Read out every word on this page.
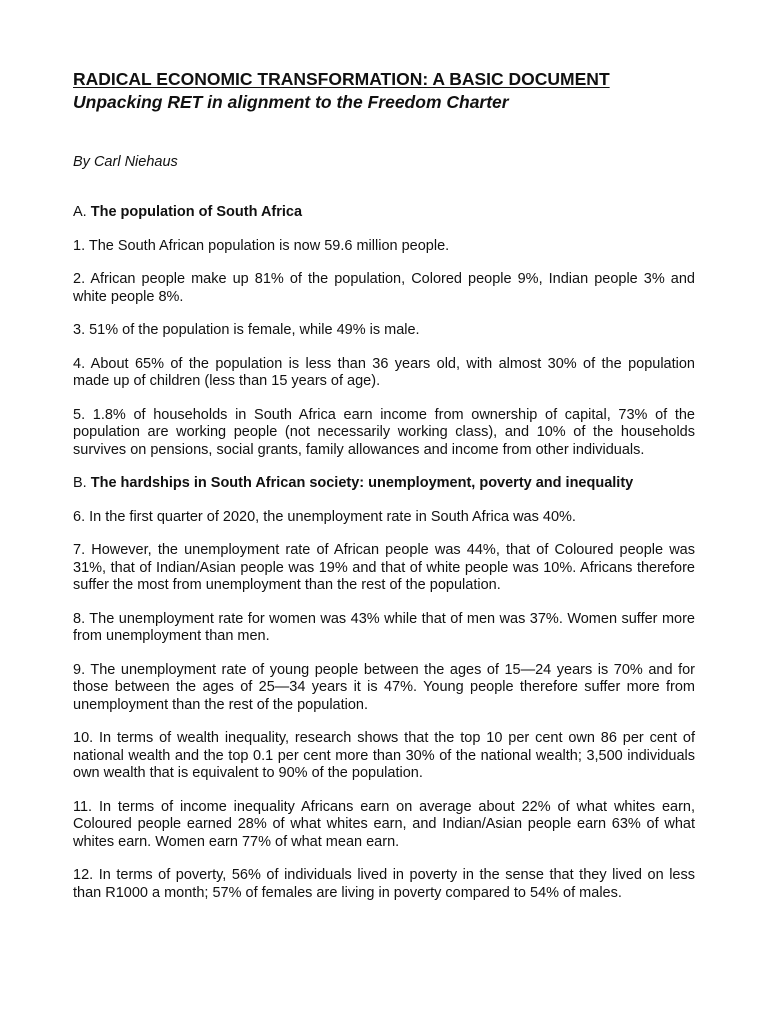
RADICAL ECONOMIC TRANSFORMATION: A BASIC DOCUMENT
Unpacking RET in alignment to the Freedom Charter

By Carl Niehaus

A. The population of South Africa

1. The South African population is now 59.6 million people.

2. African people make up 81% of the population, Colored people 9%, Indian people 3% and white people 8%.

3. 51% of the population is female, while 49% is male.

4. About 65% of the population is less than 36 years old, with almost 30% of the population made up of children (less than 15 years of age).

5. 1.8% of households in South Africa earn income from ownership of capital, 73% of the population are working people (not necessarily working class), and 10% of the households survives on pensions, social grants, family allowances and income from other individuals.

B. The hardships in South African society: unemployment, poverty and inequality

6. In the first quarter of 2020, the unemployment rate in South Africa was 40%.

7. However, the unemployment rate of African people was 44%, that of Coloured people was 31%, that of Indian/Asian people was 19% and that of white people was 10%. Africans therefore suffer the most from unemployment than the rest of the population.

8. The unemployment rate for women was 43% while that of men was 37%. Women suffer more from unemployment than men.

9. The unemployment rate of young people between the ages of 15—24 years is 70% and for those between the ages of 25—34 years it is 47%. Young people therefore suffer more from unemployment than the rest of the population.

10. In terms of wealth inequality, research shows that the top 10 per cent own 86 per cent of national wealth and the top 0.1 per cent more than 30% of the national wealth; 3,500 individuals own wealth that is equivalent to 90% of the population.

11. In terms of income inequality Africans earn on average about 22% of what whites earn, Coloured people earned 28% of what whites earn, and Indian/Asian people earn 63% of what whites earn. Women earn 77% of what mean earn.

12. In terms of poverty, 56% of individuals lived in poverty in the sense that they lived on less than R1000 a month; 57% of females are living in poverty compared to 54% of males.
